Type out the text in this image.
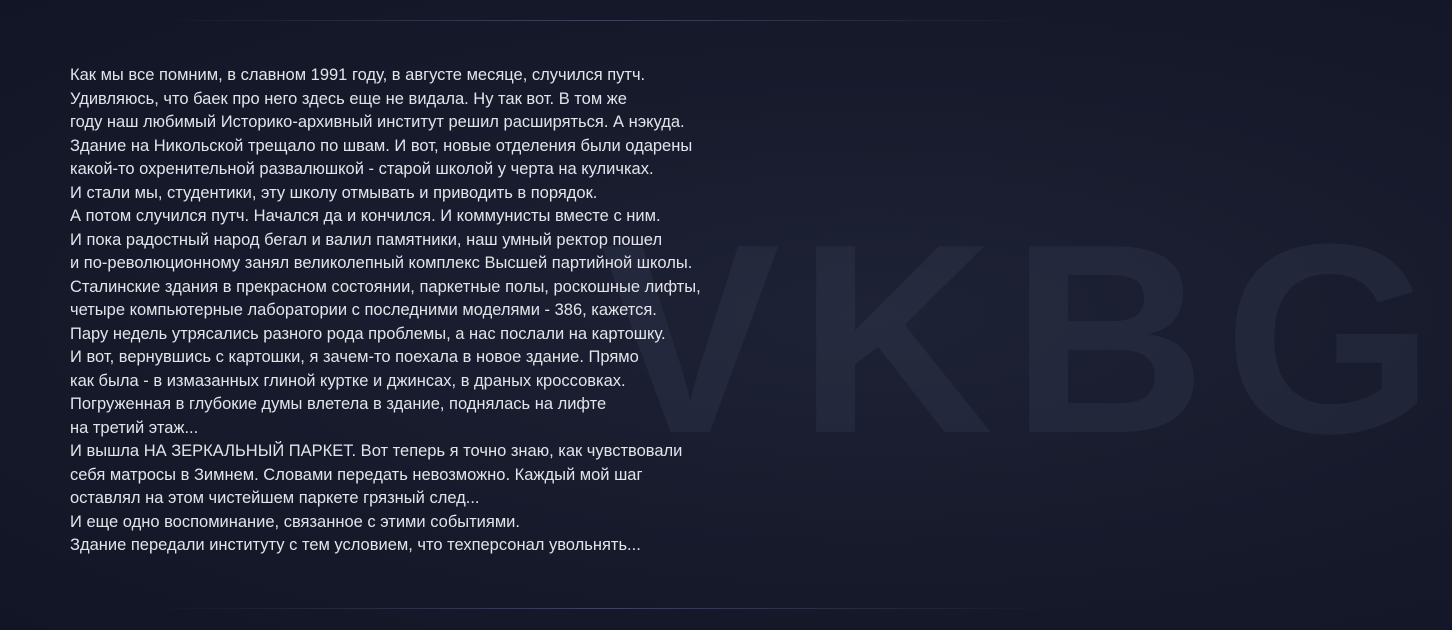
VKBG
Как мы все помним, в славном 1991 году, в августе месяце, случился путч.
Удивляюсь, что баек про него здесь еще не видала. Ну так вот. В том же
году наш любимый Историко-архивный институт решил расширяться. А нэкуда.
Здание на Никольской трещало по швам. И вот, новые отделения были одарены
какой-то охренительной развалюшкой - старой школой у черта на куличках.
И стали мы, студентики, эту школу отмывать и приводить в порядок.
А потом случился путч. Начался да и кончился. И коммунисты вместе с ним.
И пока радостный народ бегал и валил памятники, наш умный ректор пошел
и по-революционному занял великолепный комплекс Высшей партийной школы.
Сталинские здания в прекрасном состоянии, паркетные полы, роскошные лифты,
четыре компьютерные лаборатории с последними моделями - 386, кажется.
Пару недель утрясались разного рода проблемы, а нас послали на картошку.
И вот, вернувшись с картошки, я зачем-то поехала в новое здание. Прямо
как была - в измазанных глиной куртке и джинсах, в драных кроссовках.
Погруженная в глубокие думы влетела в здание, поднялась на лифте
на третий этаж...
И вышла НА ЗЕРКАЛЬНЫЙ ПАРКЕТ. Вот теперь я точно знаю, как чувствовали
себя матросы в Зимнем. Словами передать невозможно. Каждый мой шаг
оставлял на этом чистейшем паркете грязный след...
И еще одно воспоминание, связанное с этими событиями.
Здание передали институту с тем условием, что техперсонал увольнять...
